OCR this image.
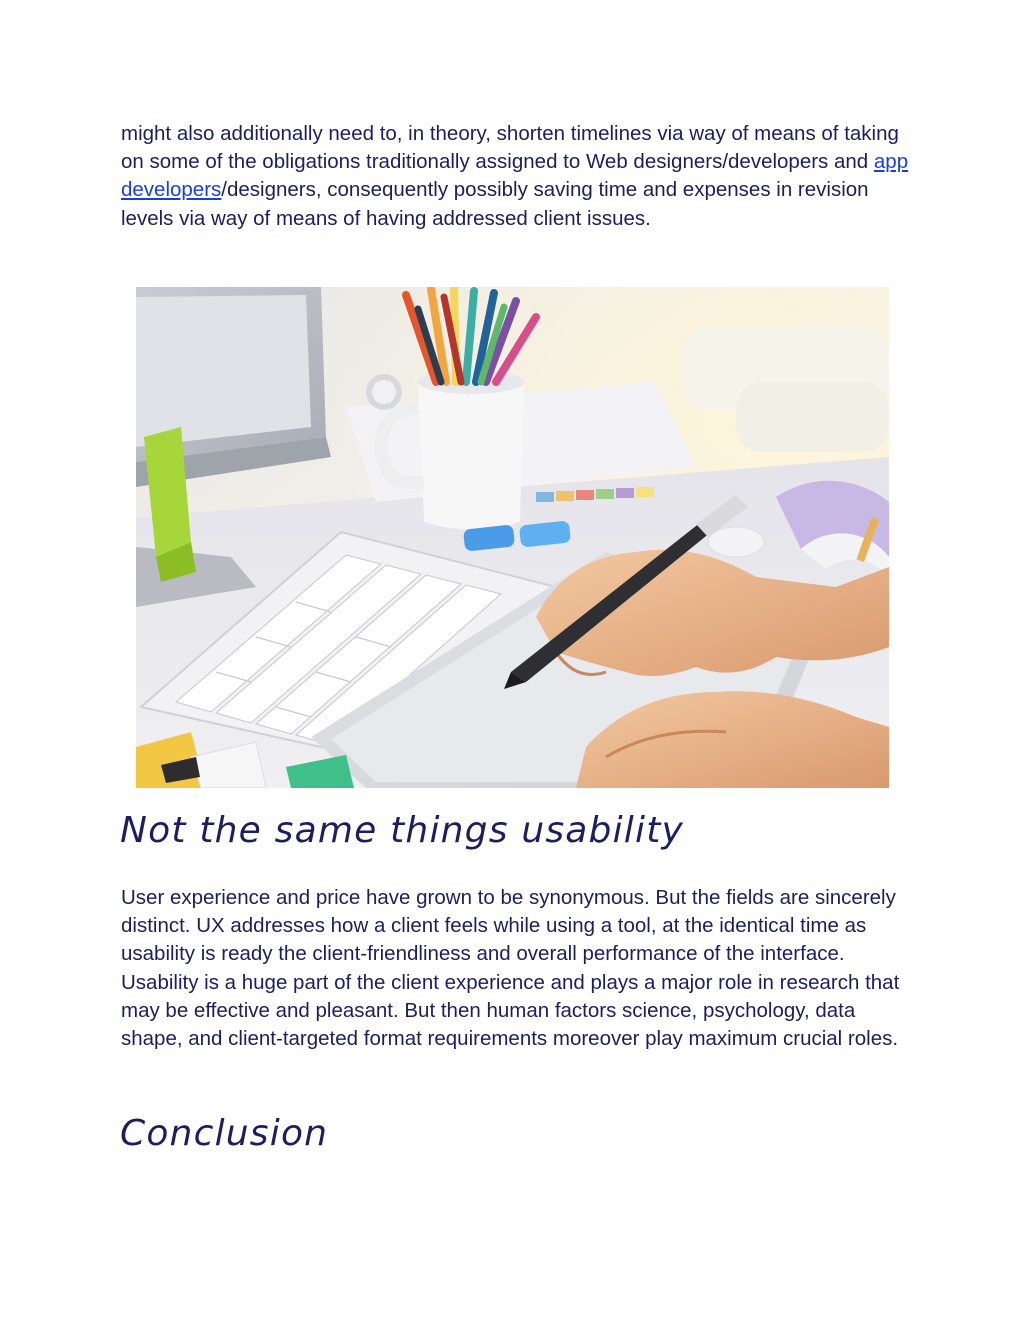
might also additionally need to, in theory, shorten timelines via way of means of taking on some of the obligations traditionally assigned to Web designers/developers and app developers/designers, consequently possibly saving time and expenses in revision levels via way of means of having addressed client issues.

Not the same things usability

User experience and price have grown to be synonymous. But the fields are sincerely distinct. UX addresses how a client feels while using a tool, at the identical time as usability is ready the client-friendliness and overall performance of the interface. Usability is a huge part of the client experience and plays a major role in research that may be effective and pleasant. But then human factors science, psychology, data shape, and client-targeted format requirements moreover play maximum crucial roles.

Conclusion
